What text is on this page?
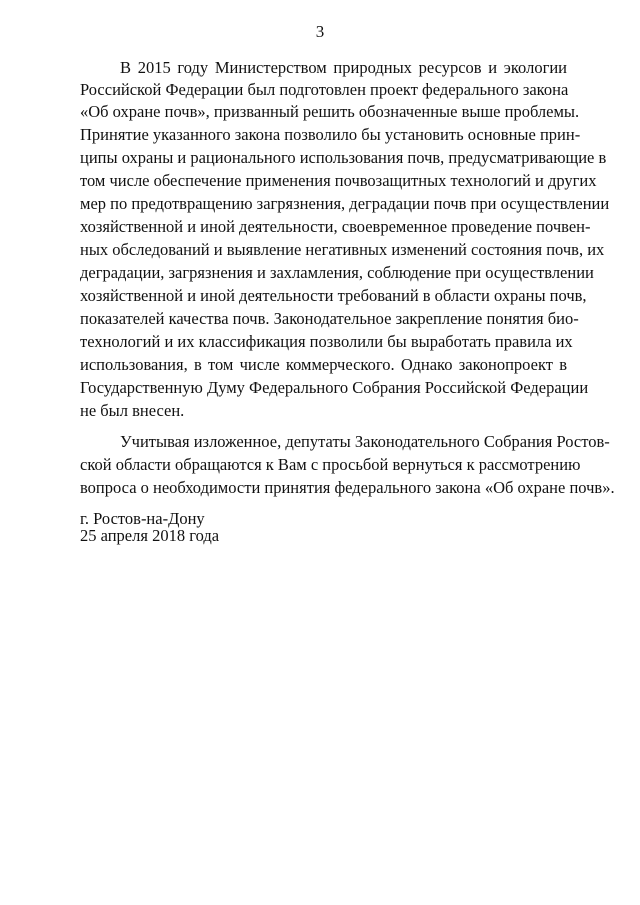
3
В 2015 году Министерством природных ресурсов и экологии
Российской Федерации был подготовлен проект федерального закона
«Об охране почв», призванный решить обозначенные выше проблемы.
Принятие указанного закона позволило бы установить основные прин-
ципы охраны и рационального использования почв, предусматривающие в
том числе обеспечение применения почвозащитных технологий и других
мер по предотвращению загрязнения, деградации почв при осуществлении
хозяйственной и иной деятельности, своевременное проведение почвен-
ных обследований и выявление негативных изменений состояния почв, их
деградации, загрязнения и захламления, соблюдение при осуществлении
хозяйственной и иной деятельности требований в области охраны почв,
показателей качества почв. Законодательное закрепление понятия био-
технологий и их классификация позволили бы выработать правила их
использования, в том числе коммерческого. Однако законопроект в
Государственную Думу Федерального Собрания Российской Федерации
не был внесен.
Учитывая изложенное, депутаты Законодательного Собрания Ростов-
ской области обращаются к Вам с просьбой вернуться к рассмотрению
вопроса о необходимости принятия федерального закона «Об охране почв».
г. Ростов-на-Дону
25 апреля 2018 года
